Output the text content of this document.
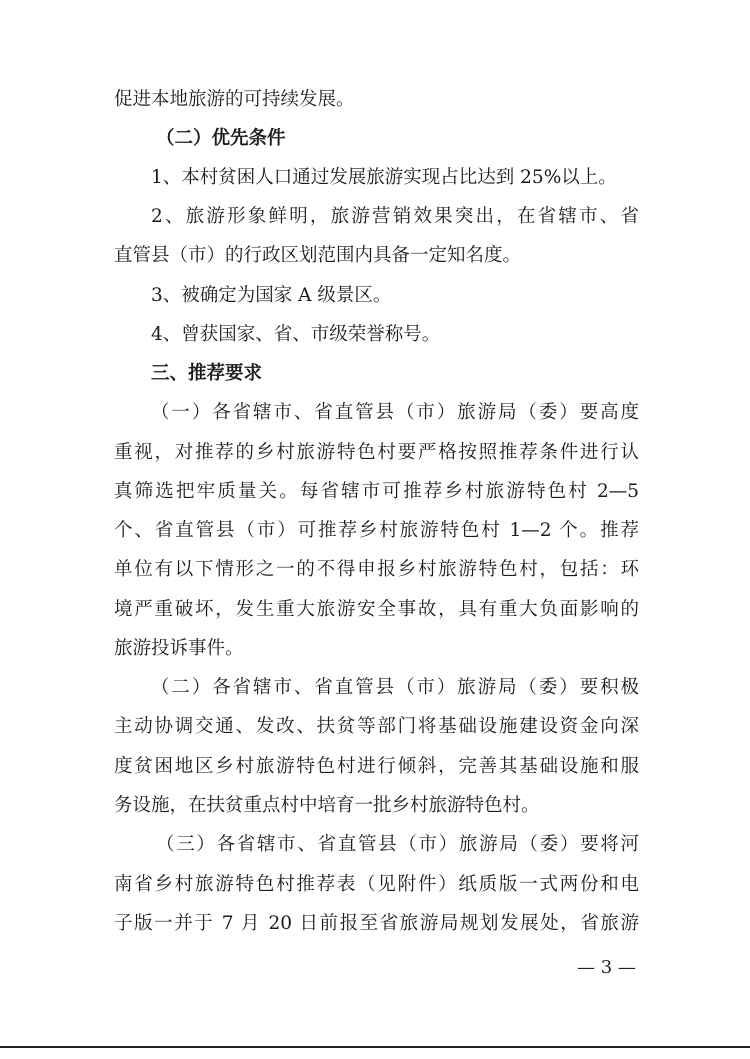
促进本地旅游的可持续发展。
（二）优先条件
1、本村贫困人口通过发展旅游实现占比达到 25%以上。
2、旅游形象鲜明，旅游营销效果突出，在省辖市、省
直管县（市）的行政区划范围内具备一定知名度。
3、被确定为国家 A 级景区。
4、曾获国家、省、市级荣誉称号。
三、推荐要求
（一）各省辖市、省直管县（市）旅游局（委）要高度
重视，对推荐的乡村旅游特色村要严格按照推荐条件进行认
真筛选把牢质量关。每省辖市可推荐乡村旅游特色村 2—5
个、省直管县（市）可推荐乡村旅游特色村 1—2 个。推荐
单位有以下情形之一的不得申报乡村旅游特色村，包括：环
境严重破坏，发生重大旅游安全事故，具有重大负面影响的
旅游投诉事件。
（二）各省辖市、省直管县（市）旅游局（委）要积极
主动协调交通、发改、扶贫等部门将基础设施建设资金向深
度贫困地区乡村旅游特色村进行倾斜，完善其基础设施和服
务设施，在扶贫重点村中培育一批乡村旅游特色村。
（三）各省辖市、省直管县（市）旅游局（委）要将河
南省乡村旅游特色村推荐表（见附件）纸质版一式两份和电
子版一并于 7 月 20 日前报至省旅游局规划发展处，省旅游
— 3 —
